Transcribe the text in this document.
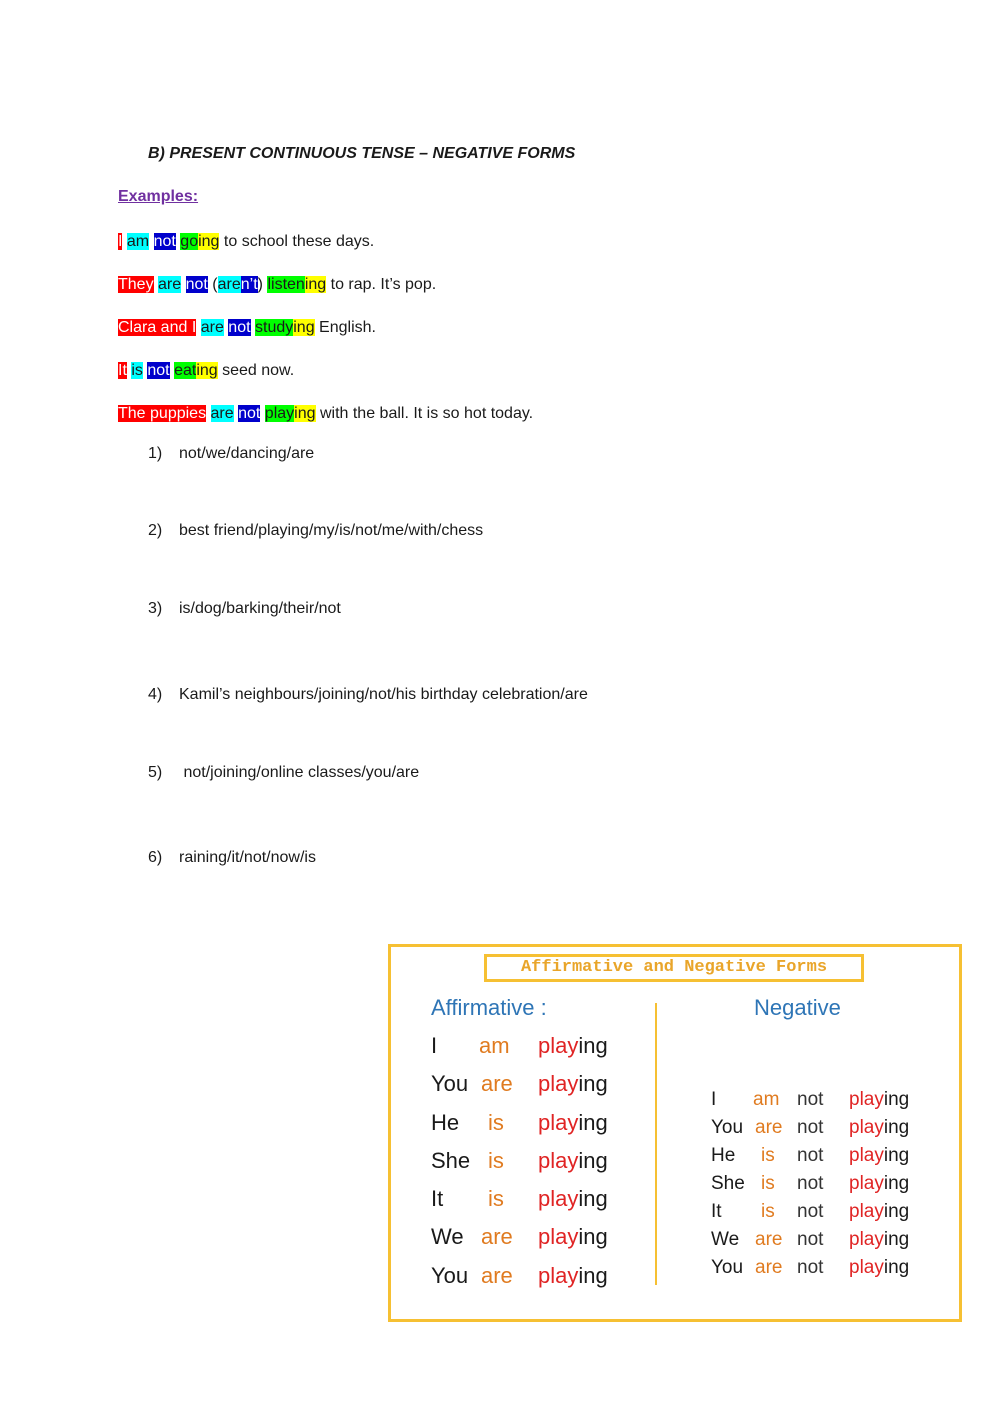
B) PRESENT CONTINUOUS TENSE – NEGATIVE FORMS
Examples:
I am not going to school these days.
They are not (aren’t) listening to rap. It’s pop.
Clara and I are not studying English.
It is not eating seed now.
The puppies are not playing with the ball. It is so hot today.
1) not/we/dancing/are
2) best friend/playing/my/is/not/me/with/chess
3) is/dog/barking/their/not
4) Kamil’s neighbours/joining/not/his birthday celebration/are
5) not/joining/online classes/you/are
6) raining/it/not/now/is
Affirmative and Negative Forms
Affirmative :	Negative
I am playing
You are playing
He is playing
She is playing
It is playing
We are playing
You are playing
I am not playing
You are not playing
He is not playing
She is not playing
It is not playing
We are not playing
You are not playing
